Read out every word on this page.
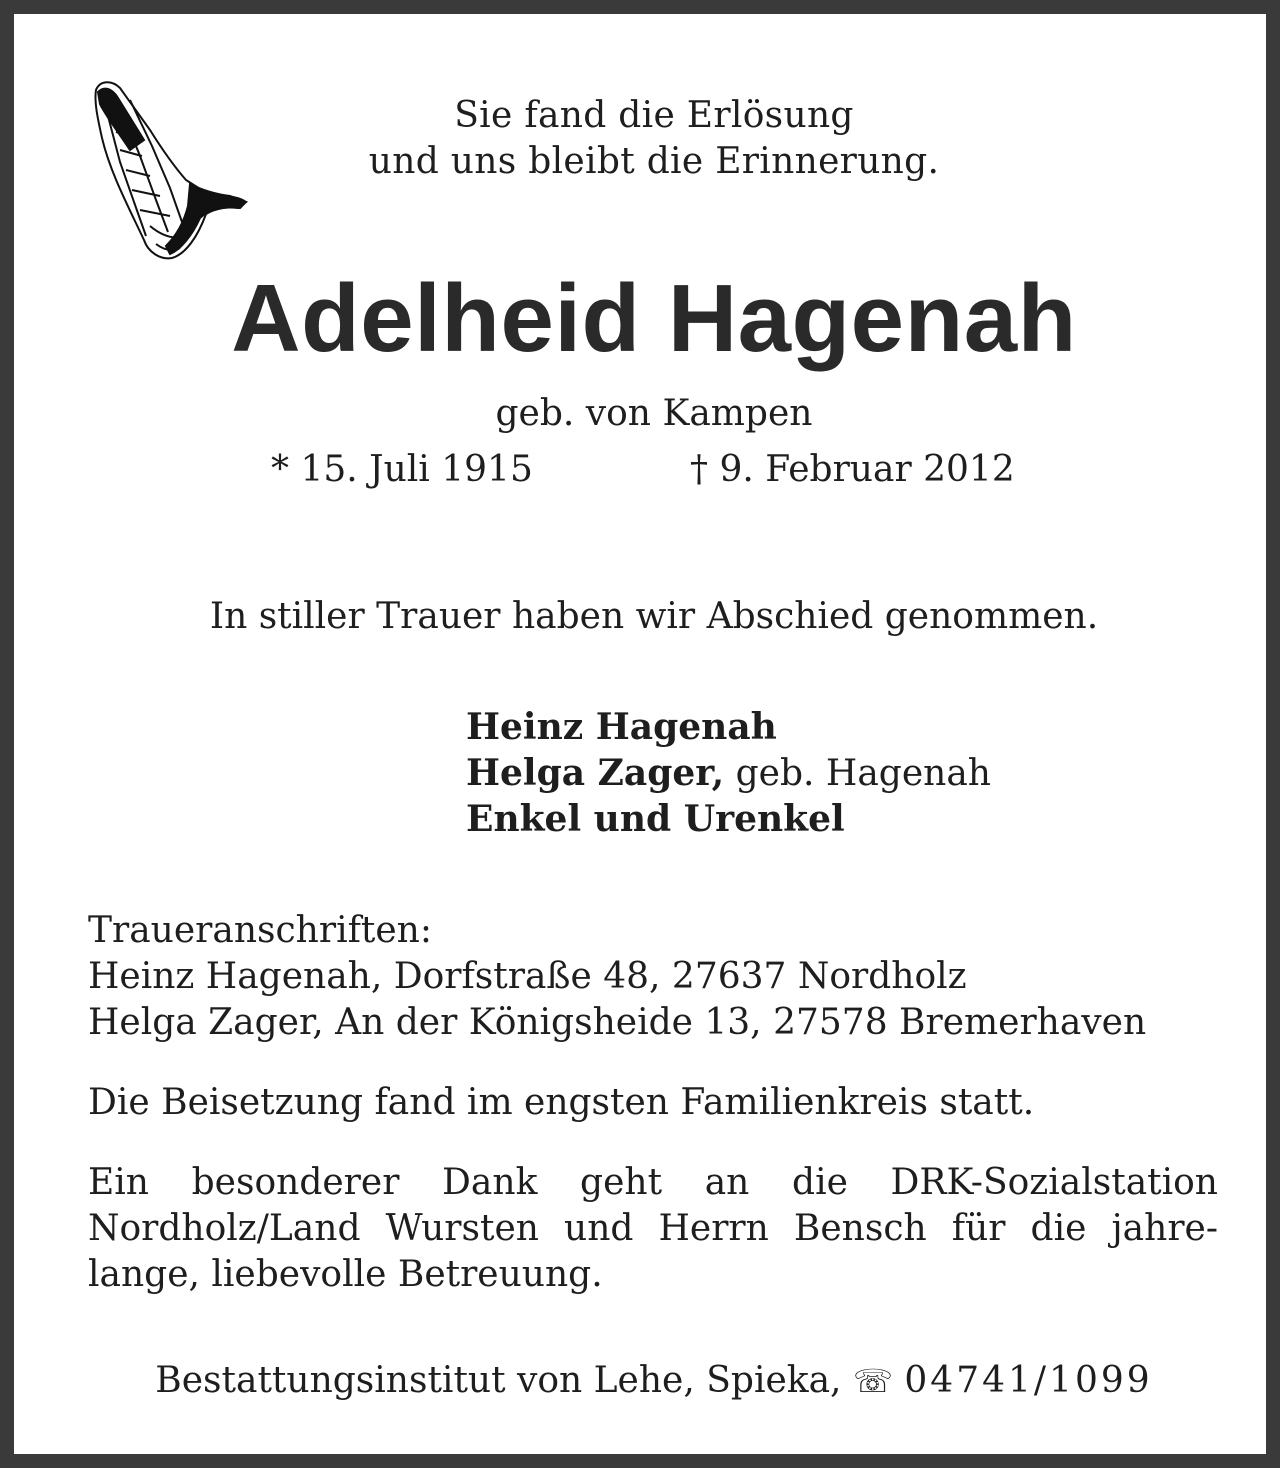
Sie fand die Erlösung
und uns bleibt die Erinnerung.
Adelheid Hagenah
geb. von Kampen
* 15. Juli 1915	† 9. Februar 2012
In stiller Trauer haben wir Abschied genommen.
Heinz Hagenah
Helga Zager, geb. Hagenah
Enkel und Urenkel
Traueranschriften:
Heinz Hagenah, Dorfstraße 48, 27637 Nordholz
Helga Zager, An der Königsheide 13, 27578 Bremerhaven
Die Beisetzung fand im engsten Familienkreis statt.
Ein besonderer Dank geht an die DRK-Sozialstation
Nordholz/Land Wursten und Herrn Bensch für die jahre-
lange, liebevolle Betreuung.
Bestattungsinstitut von Lehe, Spieka, ☏ 04741/1099
